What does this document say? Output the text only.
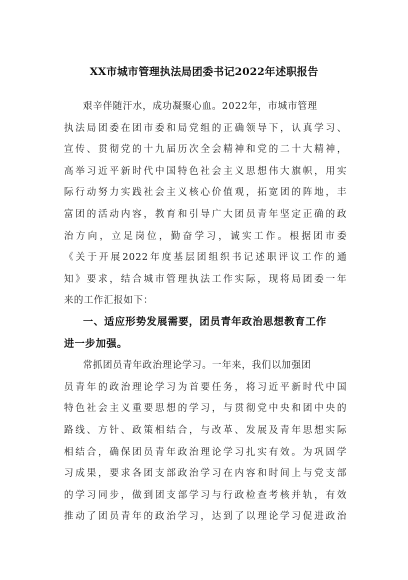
XX市城市管理执法局团委书记2022年述职报告
艰辛伴随汗水，成功凝聚心血。2022年，市城市管理
执法局团委在团市委和局党组的正确领导下，认真学习、
宣传、贯彻党的十九届历次全会精神和党的二十大精神，
高举习近平新时代中国特色社会主义思想伟大旗帜，用实
际行动努力实践社会主义核心价值观，拓宽团的阵地，丰
富团的活动内容，教育和引导广大团员青年坚定正确的政
治方向，立足岗位，勤奋学习，诚实工作。根据团市委
《关于开展2022年度基层团组织书记述职评议工作的通
知》要求，结合城市管理执法工作实际，现将局团委一年
来的工作汇报如下：
一、适应形势发展需要，团员青年政治思想教育工作
进一步加强。
常抓团员青年政治理论学习。一年来，我们以加强团
员青年的政治理论学习为首要任务，将习近平新时代中国
特色社会主义重要思想的学习，与贯彻党中央和团中央的
路线、方针、政策相结合，与改革、发展及青年思想实际
相结合，确保团员青年政治理论学习扎实有效。为巩固学
习成果，要求各团支部政治学习在内容和时间上与党支部
的学习同步，做到团支部学习与行政检查考核并轨，有效
推动了团员青年的政治学习，达到了以理论学习促进政治
